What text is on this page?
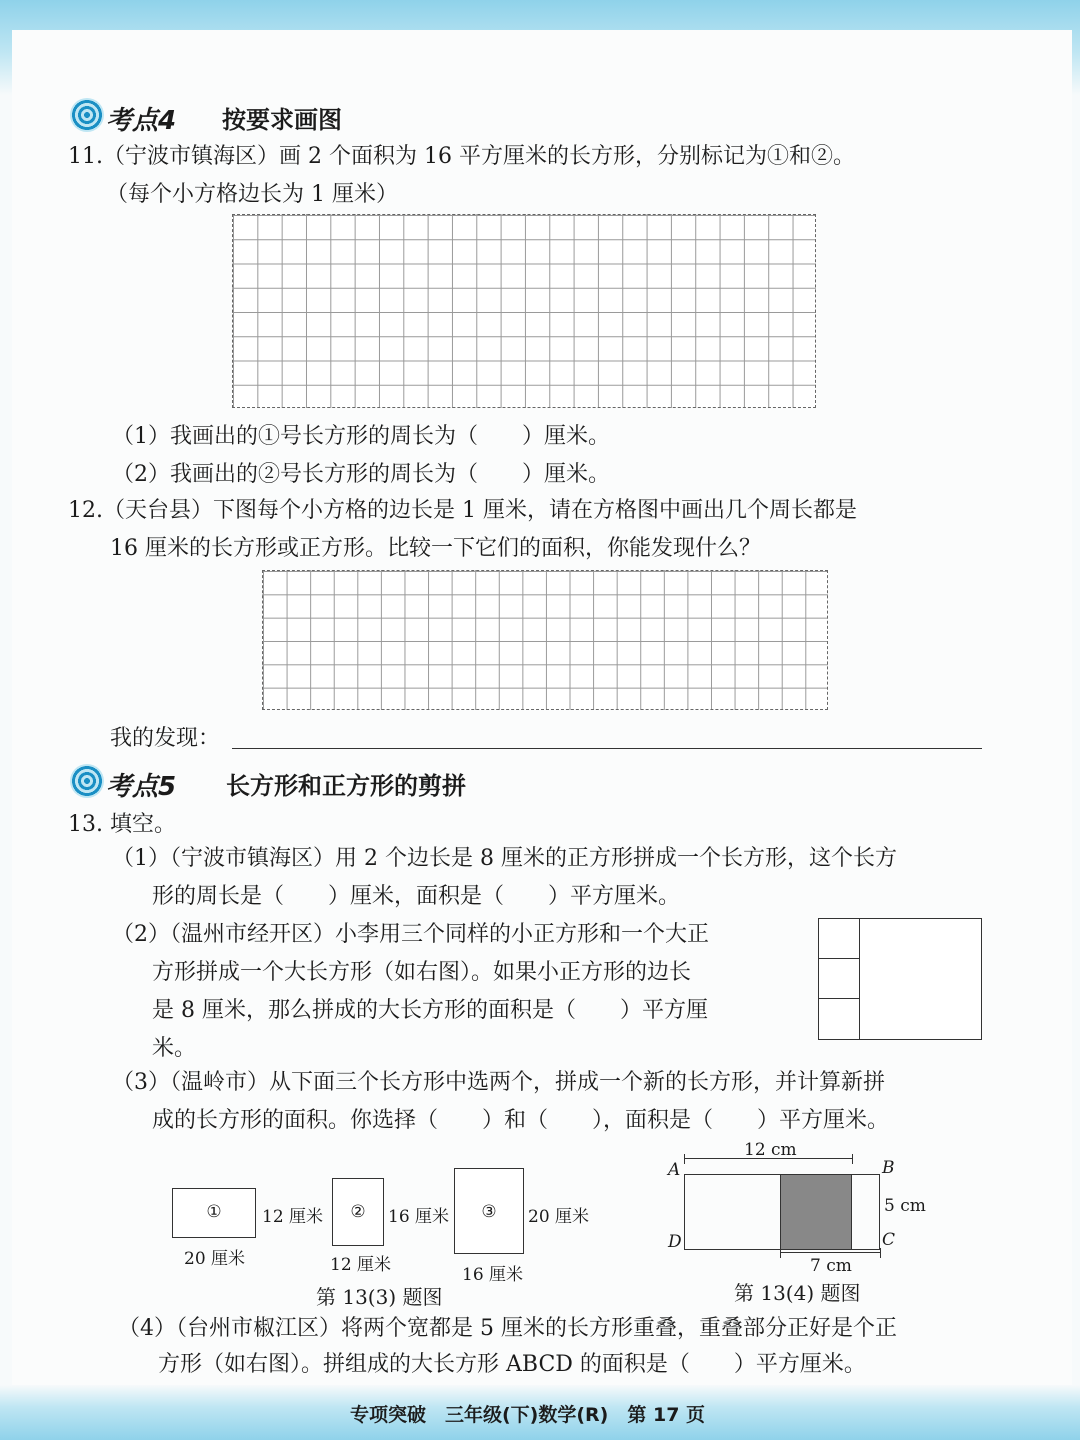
考点4 按要求画图
11.（宁波市镇海区）画 2 个面积为 16 平方厘米的长方形，分别标记为①和②。
（每个小方格边长为 1 厘米）
（1）我画出的①号长方形的周长为（　　）厘米。
（2）我画出的②号长方形的周长为（　　）厘米。
12.（天台县）下图每个小方格的边长是 1 厘米，请在方格图中画出几个周长都是
16 厘米的长方形或正方形。比较一下它们的面积，你能发现什么？
我的发现：
考点5 长方形和正方形的剪拼
13. 填空。
（1）（宁波市镇海区）用 2 个边长是 8 厘米的正方形拼成一个长方形，这个长方
形的周长是（　　）厘米，面积是（　　）平方厘米。
（2）（温州市经开区）小李用三个同样的小正方形和一个大正
方形拼成一个大长方形（如右图）。如果小正方形的边长
是 8 厘米，那么拼成的大长方形的面积是（　　）平方厘
米。
（3）（温岭市）从下面三个长方形中选两个，拼成一个新的长方形，并计算新拼
成的长方形的面积。你选择（　　）和（　　），面积是（　　）平方厘米。
①	12 厘米
20 厘米
②	16 厘米
12 厘米
③	20 厘米
16 厘米
第 13(3) 题图
12 cm
A	B
C
D
5 cm
7 cm
第 13(4) 题图
（4）（台州市椒江区）将两个宽都是 5 厘米的长方形重叠，重叠部分正好是个正
方形（如右图）。拼组成的大长方形 ABCD 的面积是（　　）平方厘米。
专项突破　三年级(下)数学(R)　第 17 页
